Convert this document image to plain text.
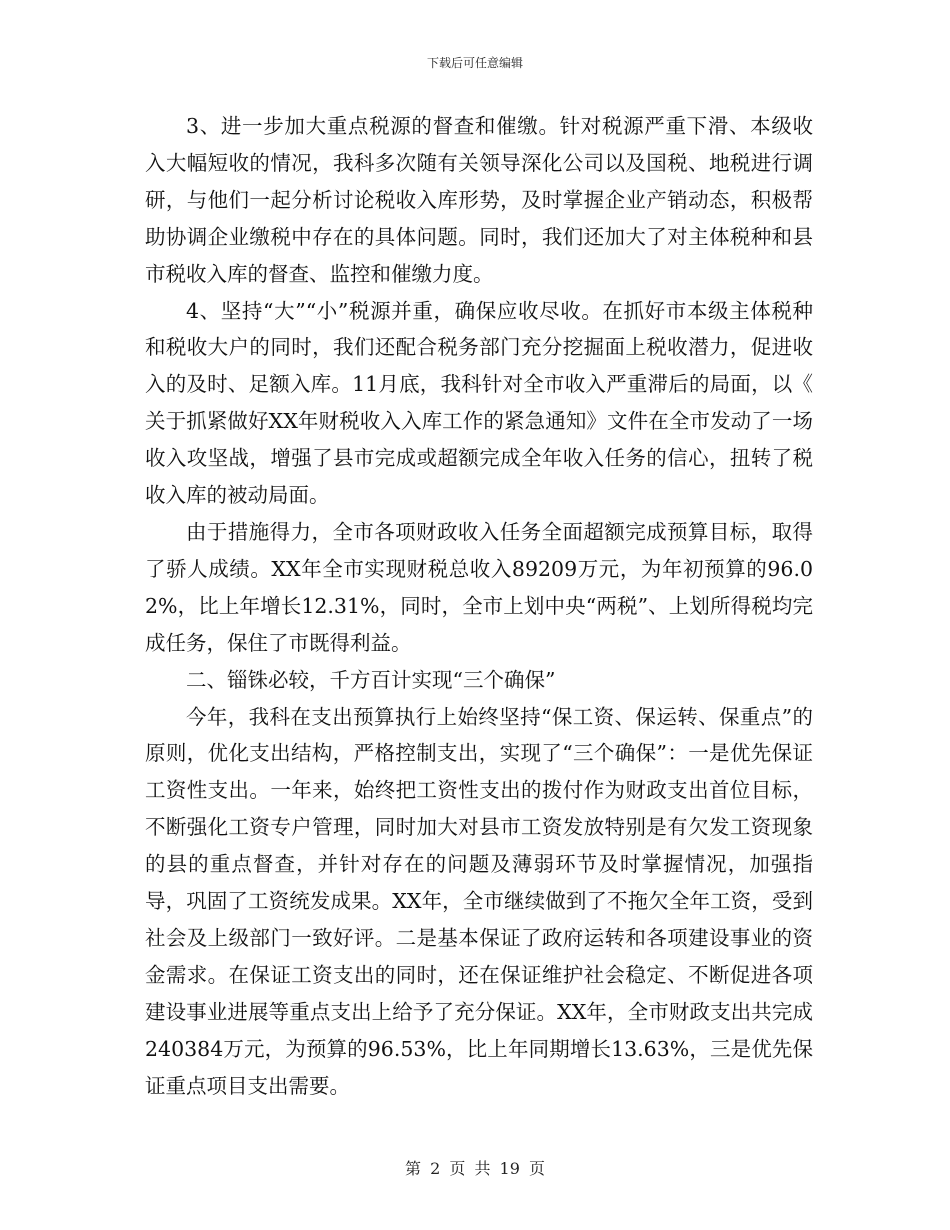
下载后可任意编辑

3、进一步加大重点税源的督查和催缴。针对税源严重下滑、本级收入大幅短收的情况，我科多次随有关领导深化公司以及国税、地税进行调研，与他们一起分析讨论税收入库形势，及时掌握企业产销动态，积极帮助协调企业缴税中存在的具体问题。同时，我们还加大了对主体税种和县市税收入库的督查、监控和催缴力度。

4、坚持“大”“小”税源并重，确保应收尽收。在抓好市本级主体税种和税收大户的同时，我们还配合税务部门充分挖掘面上税收潜力，促进收入的及时、足额入库。11月底，我科针对全市收入严重滞后的局面，以《 关于抓紧做好XX年财税收入入库工作的紧急通知》文件在全市发动了一场收入攻坚战，增强了县市完成或超额完成全年收入任务的信心，扭转了税收入库的被动局面。

由于措施得力，全市各项财政收入任务全面超额完成预算目标，取得了骄人成绩。XX年全市实现财税总收入89209万元，为年初预算的96.02%，比上年增长12.31%，同时，全市上划中央“两税”、上划所得税均完成任务，保住了市既得利益。

二、锱铢必较，千方百计实现“三个确保”

今年，我科在支出预算执行上始终坚持“保工资、保运转、保重点”的原则，优化支出结构，严格控制支出，实现了“三个确保”：一是优先保证工资性支出。一年来，始终把工资性支出的拨付作为财政支出首位目标，不断强化工资专户管理，同时加大对县市工资发放特别是有欠发工资现象的县的重点督查，并针对存在的问题及薄弱环节及时掌握情况，加强指导，巩固了工资统发成果。XX年，全市继续做到了不拖欠全年工资，受到社会及上级部门一致好评。二是基本保证了政府运转和各项建设事业的资金需求。在保证工资支出的同时，还在保证维护社会稳定、不断促进各项建设事业进展等重点支出上给予了充分保证。XX年，全市财政支出共完成240384万元，为预算的96.53%，比上年同期增长13.63%，三是优先保证重点项目支出需要。

第 2 页 共 19 页
